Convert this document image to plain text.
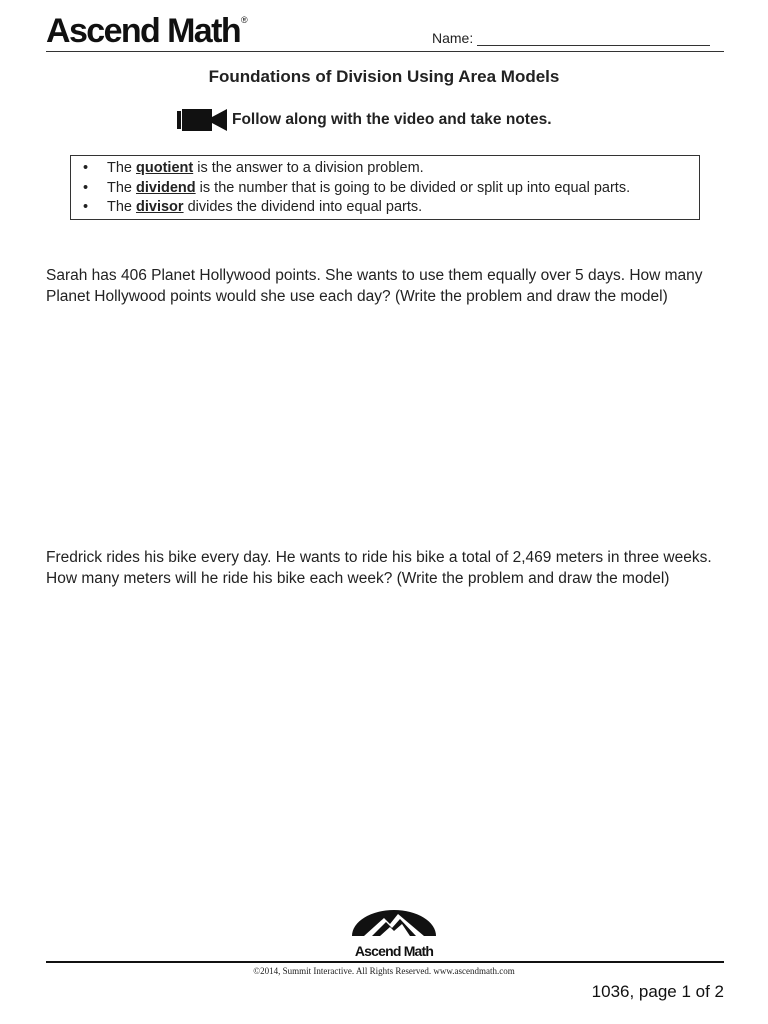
Ascend Math®
Name:
Foundations of Division Using Area Models
Follow along with the video and take notes.
• The quotient is the answer to a division problem.
• The dividend is the number that is going to be divided or split up into equal parts.
• The divisor divides the dividend into equal parts.
Sarah has 406 Planet Hollywood points. She wants to use them equally over 5 days. How many Planet Hollywood points would she use each day? (Write the problem and draw the model)
Fredrick rides his bike every day. He wants to ride his bike a total of 2,469 meters in three weeks. How many meters will he ride his bike each week? (Write the problem and draw the model)
Ascend Math
©2014, Summit Interactive. All Rights Reserved. www.ascendmath.com
1036, page 1 of 2
